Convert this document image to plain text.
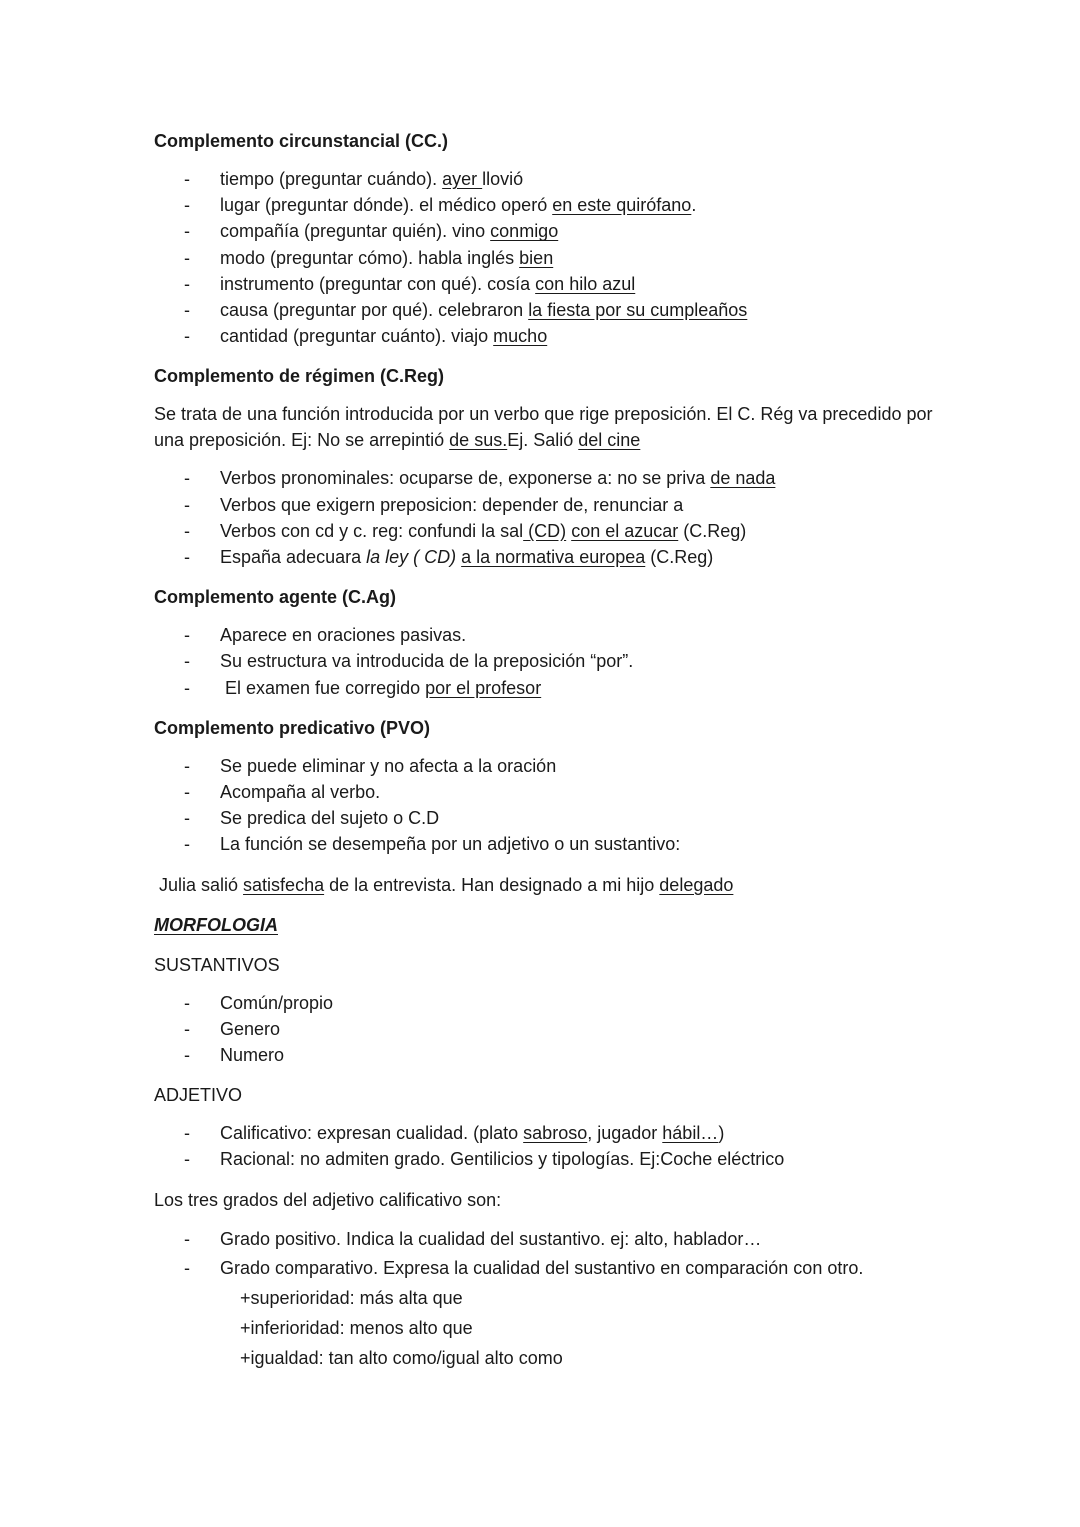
Complemento circunstancial (CC.)

- tiempo (preguntar cuándo). ayer llovió
- lugar (preguntar dónde). el médico operó en este quirófano.
- compañía (preguntar quién). vino conmigo
- modo (preguntar cómo). habla inglés bien
- instrumento (preguntar con qué). cosía con hilo azul
- causa (preguntar por qué). celebraron la fiesta por su cumpleaños
- cantidad (preguntar cuánto). viajo mucho

Complemento de régimen (C.Reg)

Se trata de una función introducida por un verbo que rige preposición. El C. Rég va precedido por una preposición. Ej: No se arrepintió de sus.Ej. Salió del cine

- Verbos pronominales: ocuparse de, exponerse a: no se priva de nada
- Verbos que exigern preposicion: depender de, renunciar a
- Verbos con cd y c. reg: confundi la sal (CD) con el azucar (C.Reg)
- España adecuara la ley ( CD) a la normativa europea (C.Reg)

Complemento agente (C.Ag)

- Aparece en oraciones pasivas.
- Su estructura va introducida de la preposición “por”.
-  El examen fue corregido por el profesor

Complemento predicativo (PVO)

- Se puede eliminar y no afecta a la oración
- Acompaña al verbo.
- Se predica del sujeto o C.D
- La función se desempeña por un adjetivo o un sustantivo:

Julia salió satisfecha de la entrevista. Han designado a mi hijo delegado

MORFOLOGIA

SUSTANTIVOS

- Común/propio
- Genero
- Numero

ADJETIVO

- Calificativo: expresan cualidad. (plato sabroso, jugador hábil…)
- Racional: no admiten grado. Gentilicios y tipologías. Ej:Coche eléctrico

Los tres grados del adjetivo calificativo son:

- Grado positivo. Indica la cualidad del sustantivo. ej: alto, hablador…
- Grado comparativo. Expresa la cualidad del sustantivo en comparación con otro.
+superioridad: más alta que
+inferioridad: menos alto que
+igualdad: tan alto como/igual alto como
